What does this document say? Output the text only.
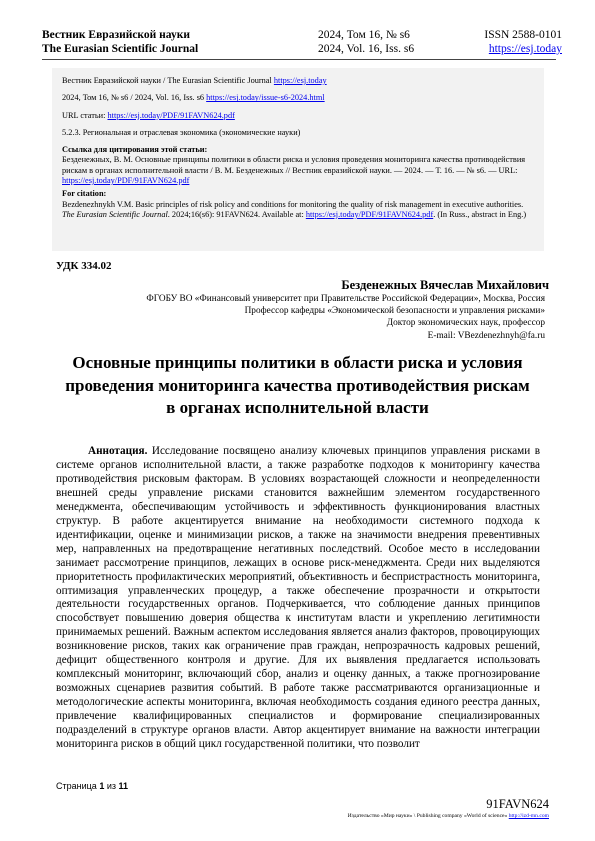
Вестник Евразийской науки	2024, Том 16, № s6	ISSN 2588-0101
The Eurasian Scientific Journal	2024, Vol. 16, Iss. s6	https://esj.today

Вестник Евразийской науки / The Eurasian Scientific Journal https://esj.today

2024, Том 16, № s6 / 2024, Vol. 16, Iss. s6 https://esj.today/issue-s6-2024.html

URL статьи: https://esj.today/PDF/91FAVN624.pdf

5.2.3. Региональная и отраслевая экономика (экономические науки)

Ссылка для цитирования этой статьи:
Безденежных, В. М. Основные принципы политики в области риска и условия проведения мониторинга качества противодействия рискам в органах исполнительной власти / В. М. Безденежных // Вестник евразийской науки. — 2024. — Т. 16. — № s6. — URL: https://esj.today/PDF/91FAVN624.pdf

For citation:
Bezdenezhnykh V.M. Basic principles of risk policy and conditions for monitoring the quality of risk management in executive authorities. The Eurasian Scientific Journal. 2024;16(s6): 91FAVN624. Available at: https://esj.today/PDF/91FAVN624.pdf. (In Russ., abstract in Eng.)

УДК 334.02
Безденежных Вячеслав Михайлович
ФГОБУ ВО «Финансовый университет при Правительстве Российской Федерации», Москва, Россия
Профессор кафедры «Экономической безопасности и управления рисками»
Доктор экономических наук, профессор
E-mail: VBezdenezhnyh@fa.ru
Основные принципы политики в области риска и условия проведения мониторинга качества противодействия рискам в органах исполнительной власти

Аннотация. Исследование посвящено анализу ключевых принципов управления рисками в системе органов исполнительной власти, а также разработке подходов к мониторингу качества противодействия рисковым факторам. В условиях возрастающей сложности и неопределенности внешней среды управление рисками становится важнейшим элементом государственного менеджмента, обеспечивающим устойчивость и эффективность функционирования властных структур. В работе акцентируется внимание на необходимости системного подхода к идентификации, оценке и минимизации рисков, а также на значимости внедрения превентивных мер, направленных на предотвращение негативных последствий. Особое место в исследовании занимает рассмотрение принципов, лежащих в основе риск-менеджмента. Среди них выделяются приоритетность профилактических мероприятий, объективность и беспристрастность мониторинга, оптимизация управленческих процедур, а также обеспечение прозрачности и открытости деятельности государственных органов. Подчеркивается, что соблюдение данных принципов способствует повышению доверия общества к институтам власти и укреплению легитимности принимаемых решений. Важным аспектом исследования является анализ факторов, провоцирующих возникновение рисков, таких как ограничение прав граждан, непрозрачность кадровых решений, дефицит общественного контроля и другие. Для их выявления предлагается использовать комплексный мониторинг, включающий сбор, анализ и оценку данных, а также прогнозирование возможных сценариев развития событий. В работе также рассматриваются организационные и методологические аспекты мониторинга, включая необходимость создания единого реестра данных, привлечение квалифицированных специалистов и формирование специализированных подразделений в структуре органов власти. Автор акцентирует внимание на важности интеграции мониторинга рисков в общий цикл государственной политики, что позволит

Страница 1 из 11
91FAVN624
Издательство «Мир науки» \ Publishing company «World of science» http://izd-mn.com
